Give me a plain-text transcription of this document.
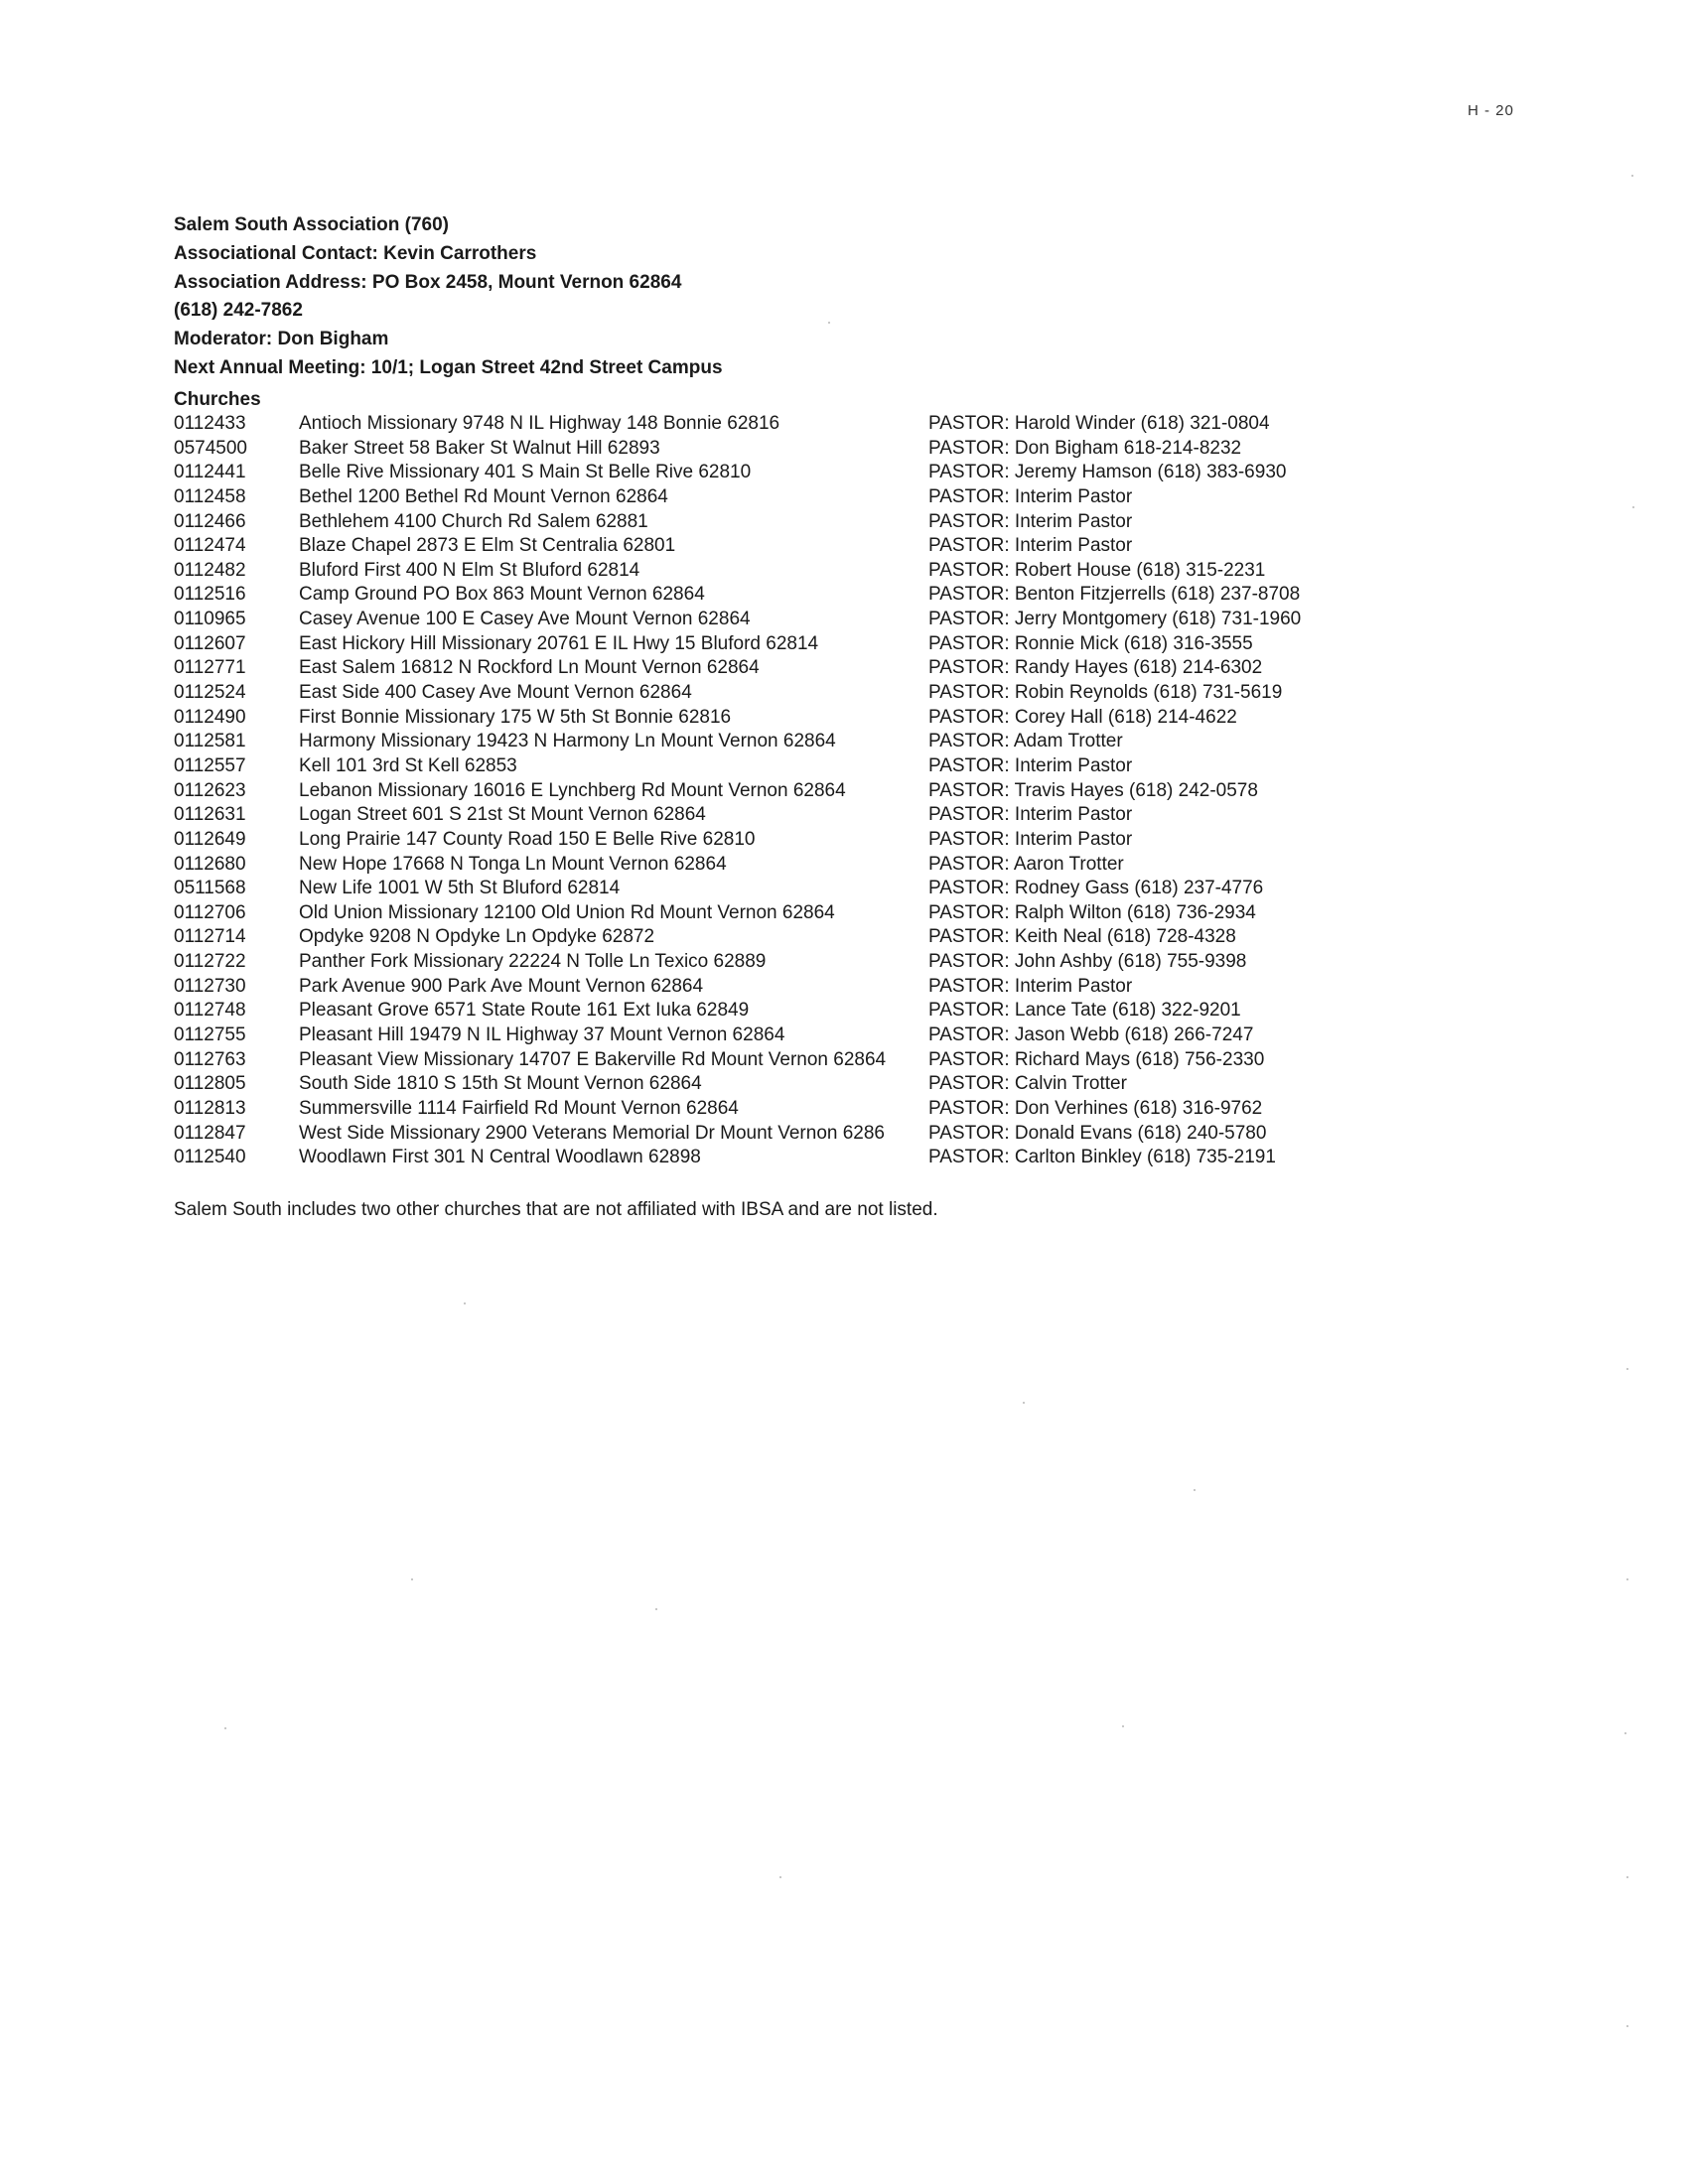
H - 20
Salem South Association (760)
Associational Contact: Kevin Carrothers
Association Address: PO Box 2458, Mount Vernon 62864
(618) 242-7862
Moderator: Don Bigham
Next Annual Meeting: 10/1; Logan Street 42nd Street Campus
Churches
0112433	Antioch Missionary 9748 N IL Highway 148 Bonnie 62816	PASTOR: Harold Winder (618) 321-0804
0574500	Baker Street 58 Baker St Walnut Hill 62893	PASTOR: Don Bigham 618-214-8232
0112441	Belle Rive Missionary 401 S Main St Belle Rive 62810	PASTOR: Jeremy Hamson (618) 383-6930
0112458	Bethel 1200 Bethel Rd Mount Vernon 62864	PASTOR: Interim Pastor
0112466	Bethlehem 4100 Church Rd Salem 62881	PASTOR: Interim Pastor
0112474	Blaze Chapel 2873 E Elm St Centralia 62801	PASTOR: Interim Pastor
0112482	Bluford First 400 N Elm St Bluford 62814	PASTOR: Robert House (618) 315-2231
0112516	Camp Ground PO Box 863 Mount Vernon 62864	PASTOR: Benton Fitzjerrells (618) 237-8708
0110965	Casey Avenue 100 E Casey Ave Mount Vernon 62864	PASTOR: Jerry Montgomery (618) 731-1960
0112607	East Hickory Hill Missionary 20761 E IL Hwy 15 Bluford 62814	PASTOR: Ronnie Mick (618) 316-3555
0112771	East Salem 16812 N Rockford Ln Mount Vernon 62864	PASTOR: Randy Hayes (618) 214-6302
0112524	East Side 400 Casey Ave Mount Vernon 62864	PASTOR: Robin Reynolds (618) 731-5619
0112490	First Bonnie Missionary 175 W 5th St Bonnie 62816	PASTOR: Corey Hall (618) 214-4622
0112581	Harmony Missionary 19423 N Harmony Ln Mount Vernon 62864	PASTOR: Adam Trotter
0112557	Kell 101 3rd St Kell 62853	PASTOR: Interim Pastor
0112623	Lebanon Missionary 16016 E Lynchberg Rd Mount Vernon 62864	PASTOR: Travis Hayes (618) 242-0578
0112631	Logan Street 601 S 21st St Mount Vernon 62864	PASTOR: Interim Pastor
0112649	Long Prairie 147 County Road 150 E Belle Rive 62810	PASTOR: Interim Pastor
0112680	New Hope 17668 N Tonga Ln Mount Vernon 62864	PASTOR: Aaron Trotter
0511568	New Life 1001 W 5th St Bluford 62814	PASTOR: Rodney Gass (618) 237-4776
0112706	Old Union Missionary 12100 Old Union Rd Mount Vernon 62864	PASTOR: Ralph Wilton (618) 736-2934
0112714	Opdyke 9208 N Opdyke Ln Opdyke 62872	PASTOR: Keith Neal (618) 728-4328
0112722	Panther Fork Missionary 22224 N Tolle Ln Texico 62889	PASTOR: John Ashby (618) 755-9398
0112730	Park Avenue 900 Park Ave Mount Vernon 62864	PASTOR: Interim Pastor
0112748	Pleasant Grove 6571 State Route 161 Ext Iuka 62849	PASTOR: Lance Tate (618) 322-9201
0112755	Pleasant Hill 19479 N IL Highway 37 Mount Vernon 62864	PASTOR: Jason Webb (618) 266-7247
0112763	Pleasant View Missionary 14707 E Bakerville Rd Mount Vernon 62864	PASTOR: Richard Mays (618) 756-2330
0112805	South Side 1810 S 15th St Mount Vernon 62864	PASTOR: Calvin Trotter
0112813	Summersville 1114 Fairfield Rd Mount Vernon 62864	PASTOR: Don Verhines (618) 316-9762
0112847	West Side Missionary 2900 Veterans Memorial Dr Mount Vernon 6286	PASTOR: Donald Evans (618) 240-5780
0112540	Woodlawn First 301 N Central Woodlawn 62898	PASTOR: Carlton Binkley (618) 735-2191
Salem South includes two other churches that are not affiliated with IBSA and are not listed.
